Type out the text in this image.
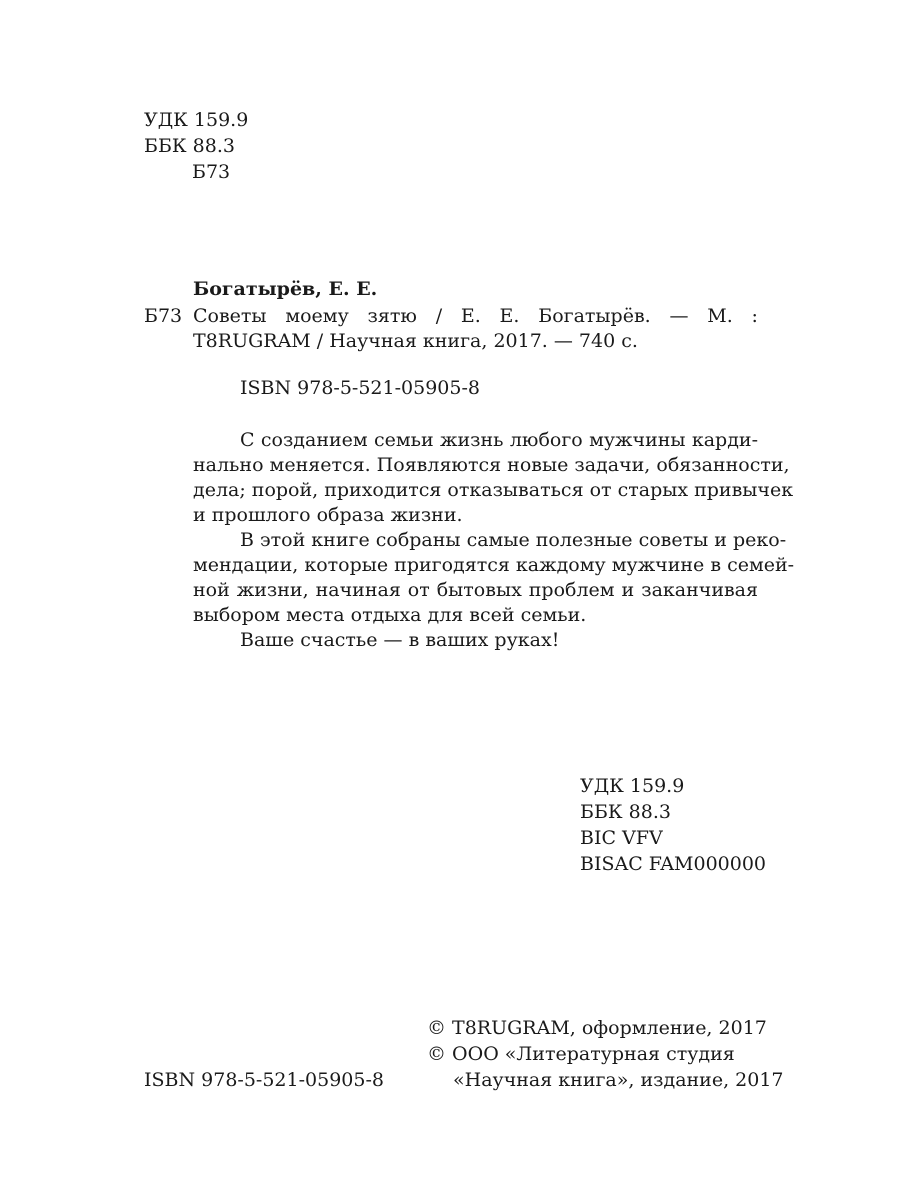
УДК 159.9
ББК 88.3
Б73
Богатырёв, Е. Е.
Б73 Советы моему зятю / Е. Е. Богатырёв. — М. :
T8RUGRAM / Научная книга, 2017. — 740 с.
ISBN 978-5-521-05905-8
С созданием семьи жизнь любого мужчины карди-
нально меняется. Появляются новые задачи, обязанности,
дела; порой, приходится отказываться от старых привычек
и прошлого образа жизни.
В этой книге собраны самые полезные советы и реко-
мендации, которые пригодятся каждому мужчине в семей-
ной жизни, начиная от бытовых проблем и заканчивая
выбором места отдыха для всей семьи.
Ваше счастье — в ваших руках!
УДК 159.9
ББК 88.3
BIC VFV
BISAC FAM000000
© T8RUGRAM, оформление, 2017
© ООО «Литературная студия
«Научная книга», издание, 2017
ISBN 978-5-521-05905-8
